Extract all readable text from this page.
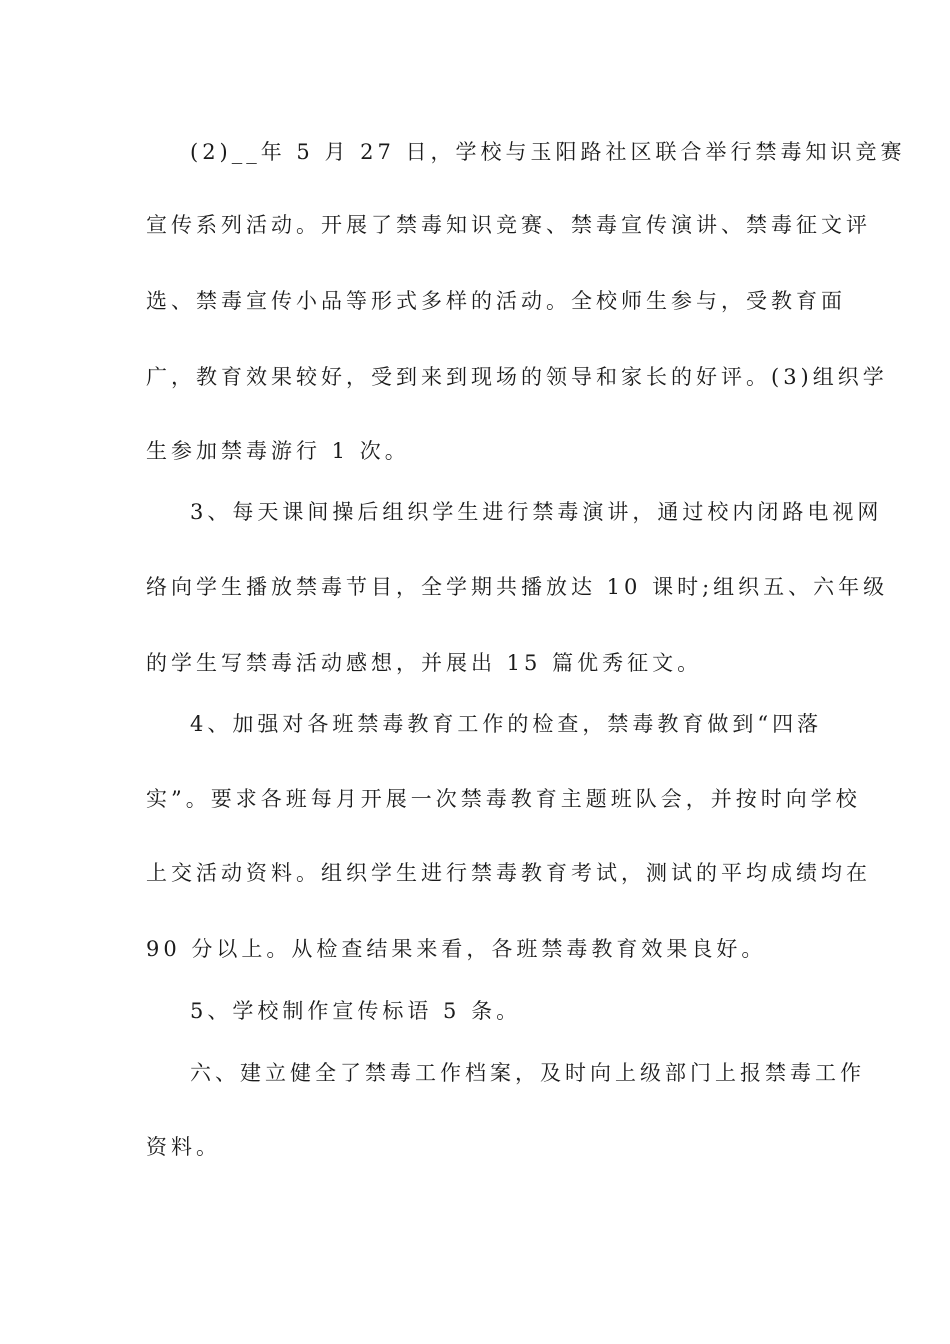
(2)__年 5 月 27 日，学校与玉阳路社区联合举行禁毒知识竞赛
宣传系列活动。开展了禁毒知识竞赛、禁毒宣传演讲、禁毒征文评
选、禁毒宣传小品等形式多样的活动。全校师生参与，受教育面
广，教育效果较好，受到来到现场的领导和家长的好评。(3)组织学
生参加禁毒游行 1 次。
3、每天课间操后组织学生进行禁毒演讲，通过校内闭路电视网
络向学生播放禁毒节目，全学期共播放达 10 课时;组织五、六年级
的学生写禁毒活动感想，并展出 15 篇优秀征文。
4、加强对各班禁毒教育工作的检查，禁毒教育做到“四落
实”。要求各班每月开展一次禁毒教育主题班队会，并按时向学校
上交活动资料。组织学生进行禁毒教育考试，测试的平均成绩均在
90 分以上。从检查结果来看，各班禁毒教育效果良好。
5、学校制作宣传标语 5 条。
六、建立健全了禁毒工作档案，及时向上级部门上报禁毒工作
资料。
